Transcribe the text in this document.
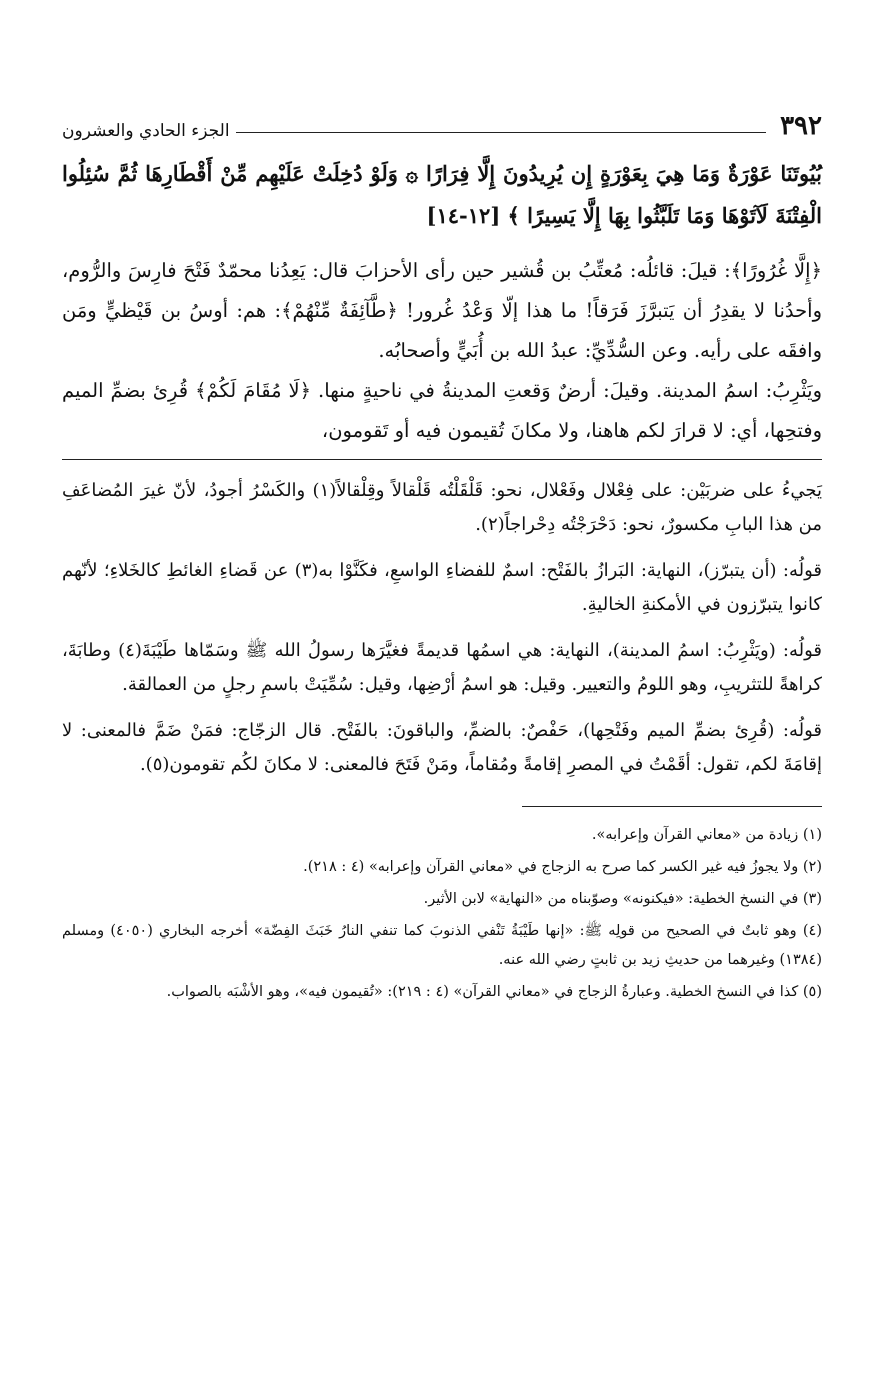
٣٩٢
الجزء الحادي والعشرون
بُيُوتَنَا عَوْرَةٌ وَمَا هِيَ بِعَوْرَةٍ إِن يُرِيدُونَ إِلَّا فِرَارًا ۞ وَلَوْ دُخِلَتْ عَلَيْهِم مِّنْ أَقْطَارِهَا ثُمَّ سُئِلُوا الْفِتْنَةَ لَآتَوْهَا وَمَا تَلَبَّثُوا بِهَا إِلَّا يَسِيرًا ﴾ [١٢-١٤]
﴿إِلَّا غُرُورًا﴾: قيلَ: قائلُه: مُعتِّبُ بن قُشير حين رأى الأحزابَ قال: يَعِدُنا محمّدٌ فَتْحَ فارِسَ والرُّوم، وأحدُنا لا يقدِرُ أن يَتبرَّزَ فَرَقاً! ما هذا إلّا وَعْدُ غُرور! ﴿طَّآئِفَةٌ مِّنْهُمْ﴾: هم: أوسُ بن قَيْظيٍّ ومَن وافقَه على رأيه. وعن السُّدِّيِّ: عبدُ الله بن أُبَيٍّ وأصحابُه.
ويَثْرِبُ: اسمُ المدينة. وقيلَ: أرضٌ وَقعتِ المدينةُ في ناحيةٍ منها. ﴿لَا مُقَامَ لَكُمْ﴾ قُرِئ بضمِّ الميم وفتحِها، أي: لا قرارَ لكم هاهنا، ولا مكانَ تُقيمون فيه أو تَقومون،
يَجيءُ على ضربَيْن: على فِعْلال وفَعْلال، نحو: قَلْقَلْتُه قَلْقالاً وقِلْقالاً(١) والكَسْرُ أجودُ، لأنّ غيرَ المُضاعَفِ من هذا البابِ مكسورٌ، نحو: دَحْرَجْتُه دِحْراجاً(٢).
قولُه: (أن يتبرّز)، النهاية: البَرازُ بالفَتْح: اسمٌ للفضاءِ الواسعِ، فكَنَّوْا به(٣) عن قَضاءِ الغائطِ كالخَلاءِ؛ لأنّهم كانوا يتبرّزون في الأمكنةِ الخاليةِ.
قولُه: (ويَثْرِبُ: اسمُ المدينة)، النهاية: هي اسمُها قديمةً فغيَّرَها رسولُ الله ﷺ وسَمّاها طَيْبَةَ(٤) وطابَةَ، كراهةً للتثريبِ، وهو اللومُ والتعيير. وقيل: هو اسمُ أرْضِها، وقيل: سُمِّيَتْ باسمِ رجلٍ من العمالقة.
قولُه: (قُرِئ بضمِّ الميم وفَتْحِها)، حَفْصٌ: بالضمِّ، والباقونَ: بالفَتْح. قال الزجّاج: فمَنْ ضَمَّ فالمعنى: لا إقامَةَ لكم، تقول: أقَمْتُ في المصرِ إقامةً ومُقاماً، ومَنْ فَتَحَ فالمعنى: لا مكانَ لكُم تقومون(٥).
(١) زيادة من «معاني القرآن وإعرابه».
(٢) ولا يجوزُ فيه غير الكسر كما صرح به الزجاج في «معاني القرآن وإعرابه» (٤ : ٢١٨).
(٣) في النسخ الخطية: «فيكنونه» وصوّبناه من «النهاية» لابن الأثير.
(٤) وهو ثابتٌ في الصحيح من قولِه ﷺ: «إنها طَيْبَةُ تَنْفي الذنوبَ كما تنفي النارُ خَبَثَ الفِضّة» أخرجه البخاري (٤٠٥٠) ومسلم (١٣٨٤) وغيرهما من حديثِ زيد بن ثابتٍ رضي الله عنه.
(٥) كذا في النسخ الخطية. وعبارةُ الزجاج في «معاني القرآن» (٤ : ٢١٩): «تُقيمون فيه»، وهو الأشْبَه بالصواب.
